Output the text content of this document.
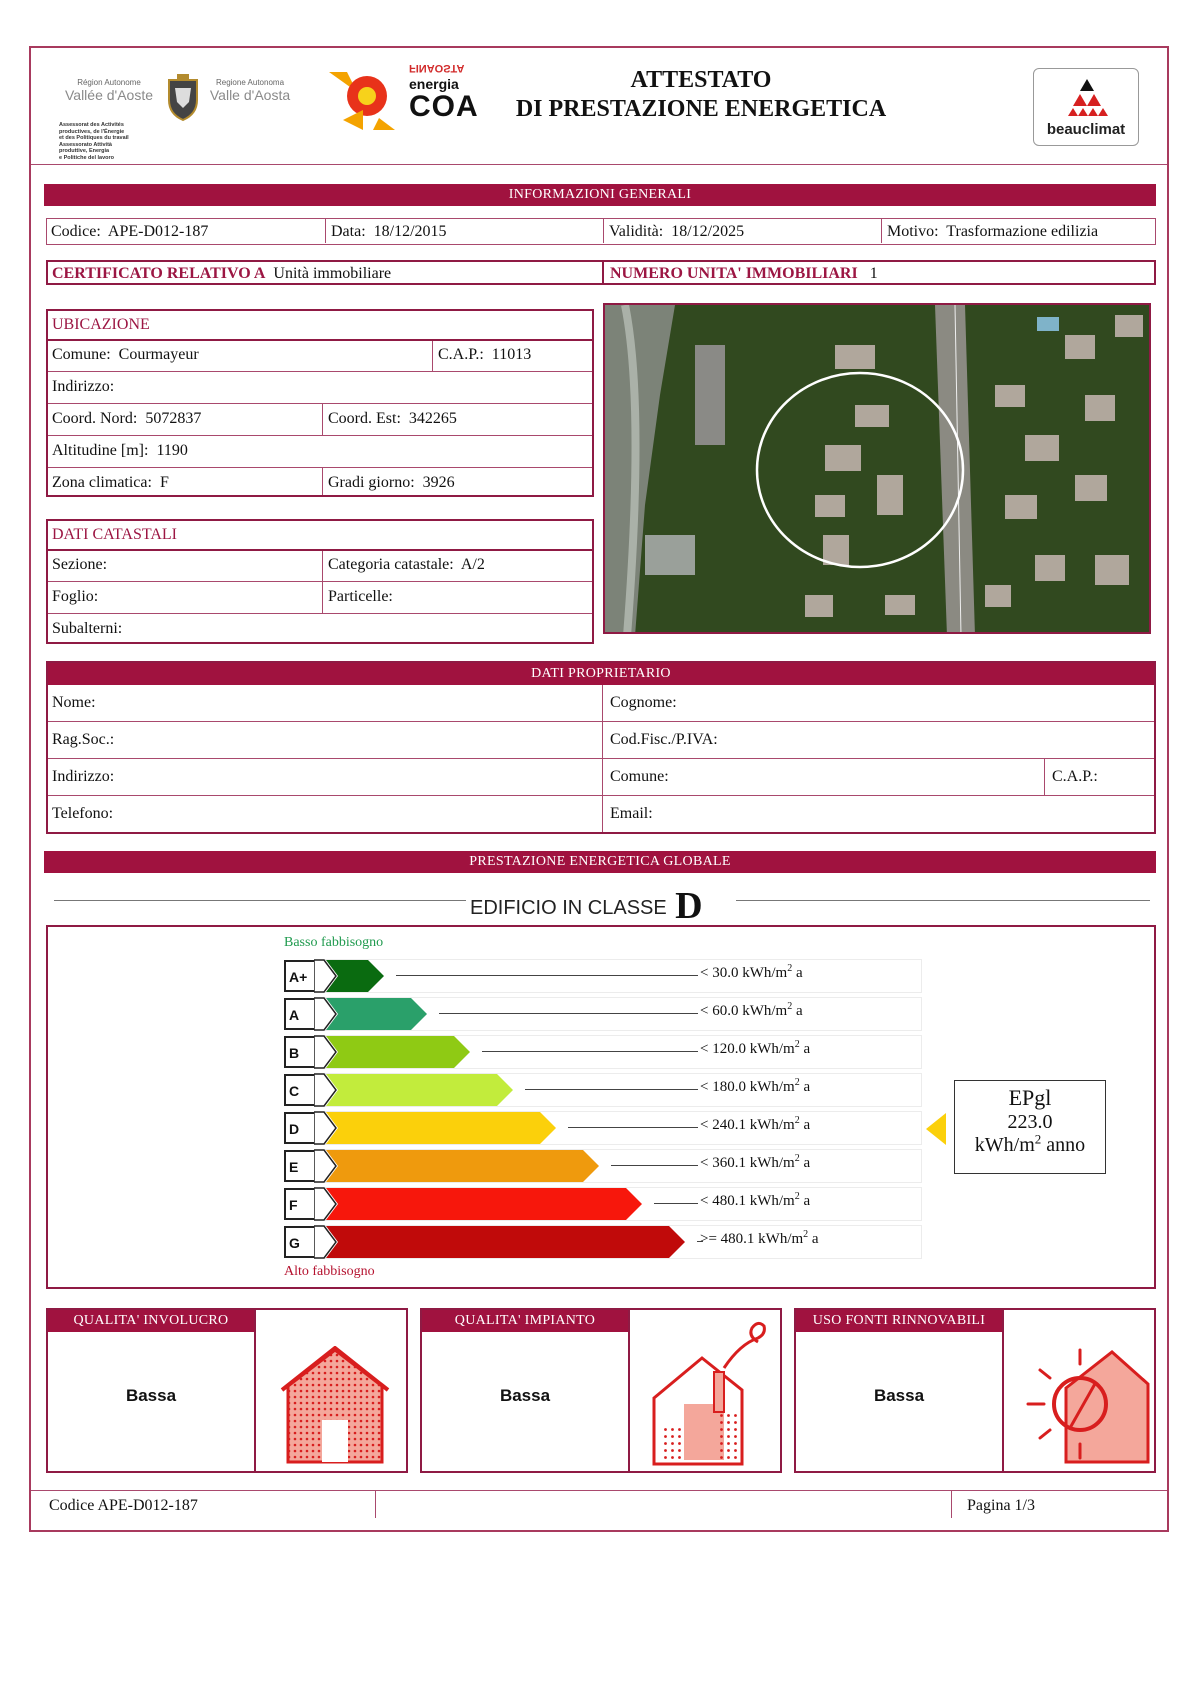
Région Autonome
Vallée d'Aoste
Regione Autonoma
Valle d'Aosta
Assessorat des Activités
productives, de l'Énergie
et des Politiques du travail
Assessorato Attività
produttive, Energia
e Politiche del lavoro
FINAOSTA
energia
COA
ATTESTATO
DI PRESTAZIONE ENERGETICA
beauclimat
INFORMAZIONI GENERALI
Codice: APE-D012-187	Data: 18/12/2015	Validità: 18/12/2025	Motivo: Trasformazione edilizia
CERTIFICATO RELATIVO A Unità immobiliare	NUMERO UNITA' IMMOBILIARI 1
UBICAZIONE
Comune: Courmayeur	C.A.P.: 11013
Indirizzo:
Coord. Nord: 5072837	Coord. Est: 342265
Altitudine [m]: 1190
Zona climatica: F	Gradi giorno: 3926
DATI CATASTALI
Sezione:	Categoria catastale: A/2
Foglio:	Particelle:
Subalterni:
DATI PROPRIETARIO
Nome:	Cognome:
Rag.Soc.:	Cod.Fisc./P.IVA:
Indirizzo:	Comune:	C.A.P.:
Telefono:	Email:
PRESTAZIONE ENERGETICA GLOBALE
EDIFICIO IN CLASSE D
Basso fabbisogno
Alto fabbisogno
A+	< 30.0 kWh/$m^2$ a
A	< 60.0 kWh/$m^2$ a
B	< 120.0 kWh/$m^2$ a
C	< 180.0 kWh/$m^2$ a
D	< 240.1 kWh/$m^2$ a
E	< 360.1 kWh/$m^2$ a
F	< 480.1 kWh/$m^2$ a
G	>= 480.1 kWh/$m^2$ a
EPgl
223.0
kWh/$m^2$ anno
QUALITA' INVOLUCRO
Bassa
QUALITA' IMPIANTO
Bassa
USO FONTI RINNOVABILI
Bassa
Codice APE-D012-187	Pagina 1/3
